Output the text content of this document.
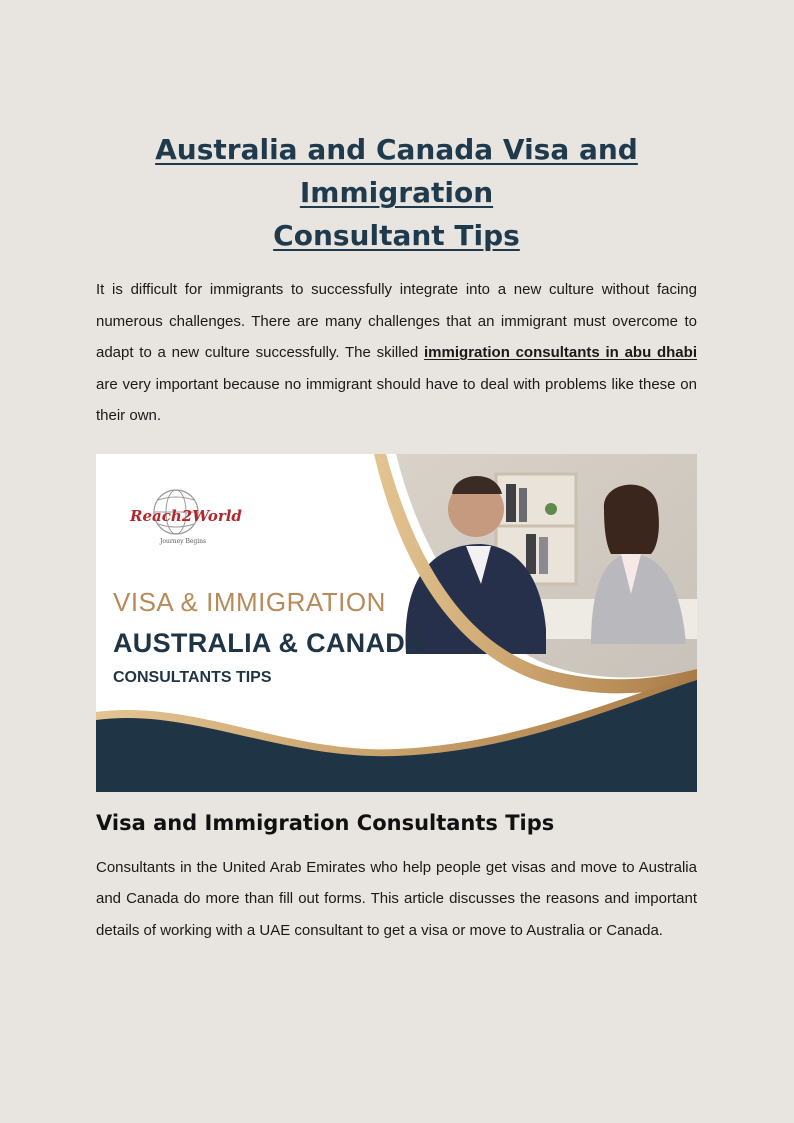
Australia and Canada Visa and Immigration
Consultant Tips

It is difficult for immigrants to successfully integrate into a new culture without facing numerous challenges. There are many challenges that an immigrant must overcome to adapt to a new culture successfully. The skilled immigration consultants in abu dhabi are very important because no immigrant should have to deal with problems like these on their own.

Reach2World
Journey Begins

VISA & IMMIGRATION

AUSTRALIA & CANADA

CONSULTANTS TIPS

Visa and Immigration Consultants Tips

Consultants in the United Arab Emirates who help people get visas and move to Australia and Canada do more than fill out forms. This article discusses the reasons and important details of working with a UAE consultant to get a visa or move to Australia or Canada.
